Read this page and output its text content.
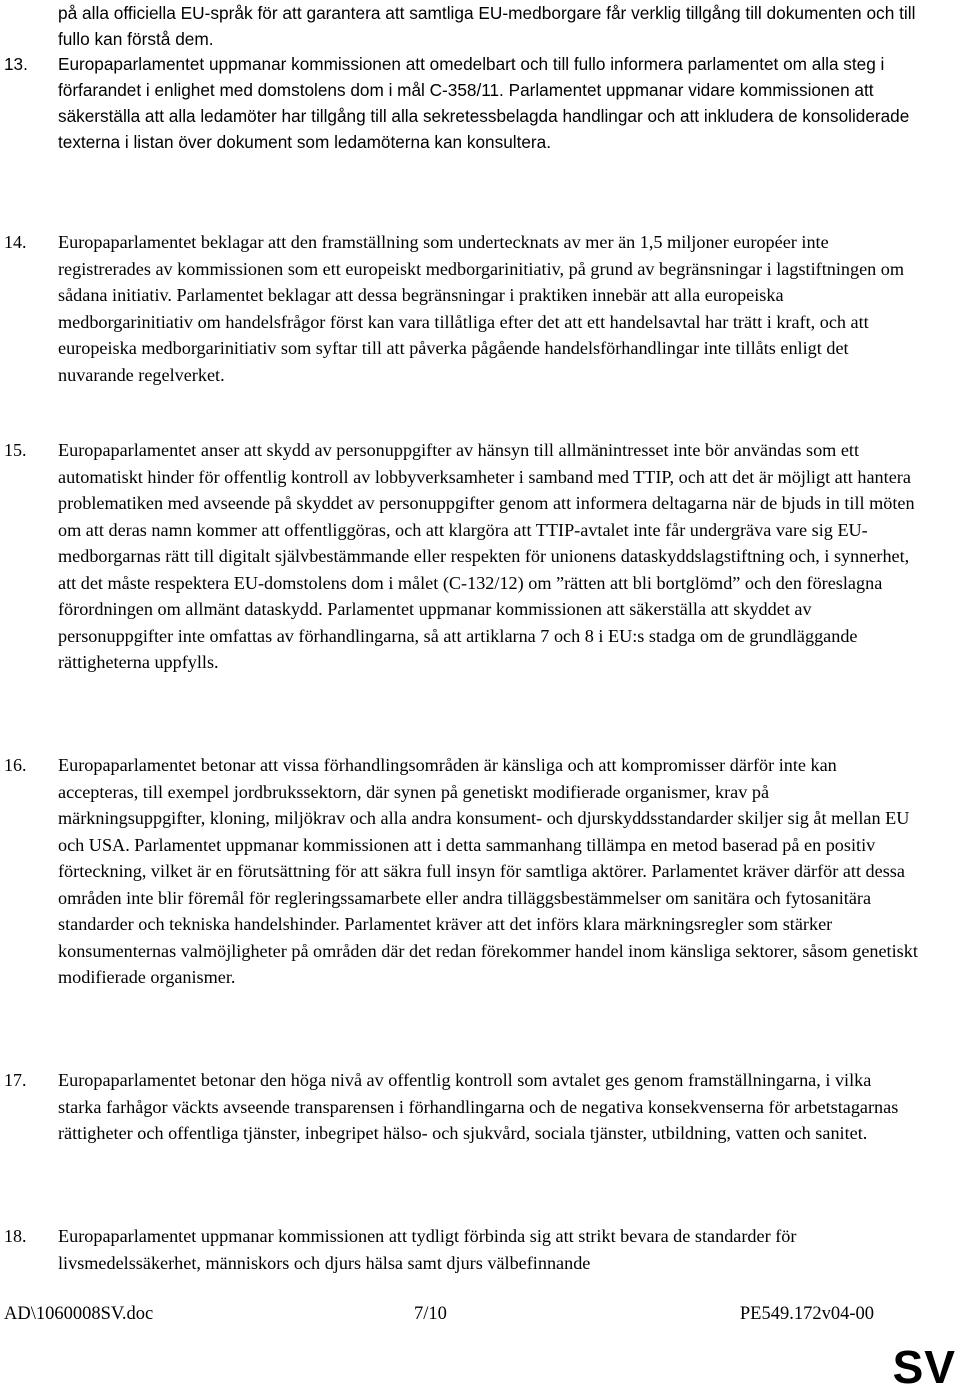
på alla officiella EU-språk för att garantera att samtliga EU-medborgare får verklig tillgång till dokumenten och till fullo kan förstå dem.
13. Europaparlamentet uppmanar kommissionen att omedelbart och till fullo informera parlamentet om alla steg i förfarandet i enlighet med domstolens dom i mål C‑358/11. Parlamentet uppmanar vidare kommissionen att säkerställa att alla ledamöter har tillgång till alla sekretessbelagda handlingar och att inkludera de konsoliderade texterna i listan över dokument som ledamöterna kan konsultera.
14. Europaparlamentet beklagar att den framställning som undertecknats av mer än 1,5 miljoner européer inte registrerades av kommissionen som ett europeiskt medborgarinitiativ, på grund av begränsningar i lagstiftningen om sådana initiativ. Parlamentet beklagar att dessa begränsningar i praktiken innebär att alla europeiska medborgarinitiativ om handelsfrågor först kan vara tillåtliga efter det att ett handelsavtal har trätt i kraft, och att europeiska medborgarinitiativ som syftar till att påverka pågående handelsförhandlingar inte tillåts enligt det nuvarande regelverket.
15. Europaparlamentet anser att skydd av personuppgifter av hänsyn till allmänintresset inte bör användas som ett automatiskt hinder för offentlig kontroll av lobbyverksamheter i samband med TTIP, och att det är möjligt att hantera problematiken med avseende på skyddet av personuppgifter genom att informera deltagarna när de bjuds in till möten om att deras namn kommer att offentliggöras, och att klargöra att TTIP-avtalet inte får undergräva vare sig EU-medborgarnas rätt till digitalt självbestämmande eller respekten för unionens dataskyddslagstiftning och, i synnerhet, att det måste respektera EU-domstolens dom i målet (C-132/12) om ”rätten att bli bortglömd” och den föreslagna förordningen om allmänt dataskydd. Parlamentet uppmanar kommissionen att säkerställa att skyddet av personuppgifter inte omfattas av förhandlingarna, så att artiklarna 7 och 8 i EU:s stadga om de grundläggande rättigheterna uppfylls.
16. Europaparlamentet betonar att vissa förhandlingsområden är känsliga och att kompromisser därför inte kan accepteras, till exempel jordbrukssektorn, där synen på genetiskt modifierade organismer, krav på märkningsuppgifter, kloning, miljökrav och alla andra konsument- och djurskyddsstandarder skiljer sig åt mellan EU och USA. Parlamentet uppmanar kommissionen att i detta sammanhang tillämpa en metod baserad på en positiv förteckning, vilket är en förutsättning för att säkra full insyn för samtliga aktörer. Parlamentet kräver därför att dessa områden inte blir föremål för regleringssamarbete eller andra tilläggsbestämmelser om sanitära och fytosanitära standarder och tekniska handelshinder. Parlamentet kräver att det införs klara märkningsregler som stärker konsumenternas valmöjligheter på områden där det redan förekommer handel inom känsliga sektorer, såsom genetiskt modifierade organismer.
17. Europaparlamentet betonar den höga nivå av offentlig kontroll som avtalet ges genom framställningarna, i vilka starka farhågor väckts avseende transparensen i förhandlingarna och de negativa konsekvenserna för arbetstagarnas rättigheter och offentliga tjänster, inbegripet hälso- och sjukvård, sociala tjänster, utbildning, vatten och sanitet.
18. Europaparlamentet uppmanar kommissionen att tydligt förbinda sig att strikt bevara de standarder för livsmedelssäkerhet, människors och djurs hälsa samt djurs välbefinnande
AD\1060008SV.doc	7/10	PE549.172v04-00
SV
